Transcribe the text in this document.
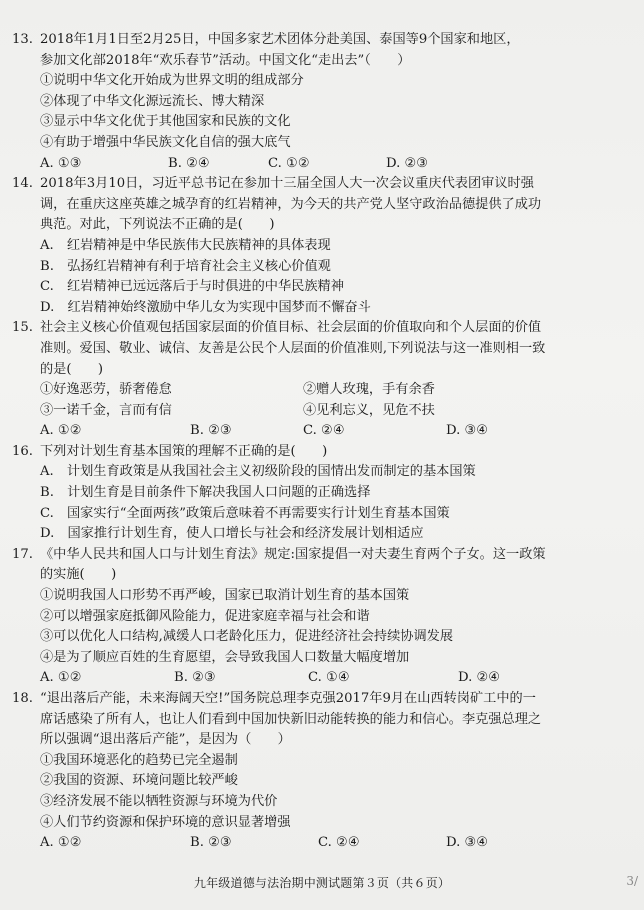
13. 2018年1月1日至2月25日，中国多家艺术团体分赴美国、泰国等9个国家和地区，
参加文化部2018年“欢乐春节”活动。中国文化“走出去”（　　）
①说明中华文化开始成为世界文明的组成部分
②体现了中华文化源远流长、博大精深
③显示中华文化优于其他国家和民族的文化
④有助于增强中华民族文化自信的强大底气
A. ①③	B. ②④	C. ①②	D. ②③
14. 2018年3月10日，习近平总书记在参加十三届全国人大一次会议重庆代表团审议时强
调，在重庆这座英雄之城孕育的红岩精神，为今天的共产党人坚守政治品德提供了成功
典范。对此，下列说法不正确的是(　　)
A.　红岩精神是中华民族伟大民族精神的具体表现
B.　弘扬红岩精神有利于培育社会主义核心价值观
C.　红岩精神已远远落后于与时俱进的中华民族精神
D.　红岩精神始终激励中华儿女为实现中国梦而不懈奋斗
15. 社会主义核心价值观包括国家层面的价值目标、社会层面的价值取向和个人层面的价值
准则。爱国、敬业、诚信、友善是公民个人层面的价值准则,下列说法与这一准则相一致
的是(　　)
①好逸恶劳，骄奢倦怠	②赠人玫瑰，手有余香
③一诺千金，言而有信	④见利忘义，见危不扶
A. ①②	B. ②③	C. ②④	D. ③④
16. 下列对计划生育基本国策的理解不正确的是(　　)
A.　计划生育政策是从我国社会主义初级阶段的国情出发而制定的基本国策
B.　计划生育是目前条件下解决我国人口问题的正确选择
C.　国家实行“全面两孩”政策后意味着不再需要实行计划生育基本国策
D.　国家推行计划生育，使人口增长与社会和经济发展计划相适应
17. 《中华人民共和国人口与计划生育法》规定:国家提倡一对夫妻生育两个子女。这一政策
的实施(　　)
①说明我国人口形势不再严峻，国家已取消计划生育的基本国策
②可以增强家庭抵御风险能力，促进家庭幸福与社会和谐
③可以优化人口结构,减缓人口老龄化压力，促进经济社会持续协调发展
④是为了顺应百姓的生育愿望，会导致我国人口数量大幅度增加
A. ①②	B. ②③	C. ①④	D. ②④
18. “退出落后产能，未来海阔天空!”国务院总理李克强2017年9月在山西转岗矿工中的一
席话感染了所有人，也让人们看到中国加快新旧动能转换的能力和信心。李克强总理之
所以强调“退出落后产能”，是因为（　　）
①我国环境恶化的趋势已完全遏制
②我国的资源、环境问题比较严峻
③经济发展不能以牺牲资源与环境为代价
④人们节约资源和保护环境的意识显著增强
A. ①②	B. ②③	C. ②④	D. ③④
九年级道德与法治期中测试题第３页（共６页）	3/
